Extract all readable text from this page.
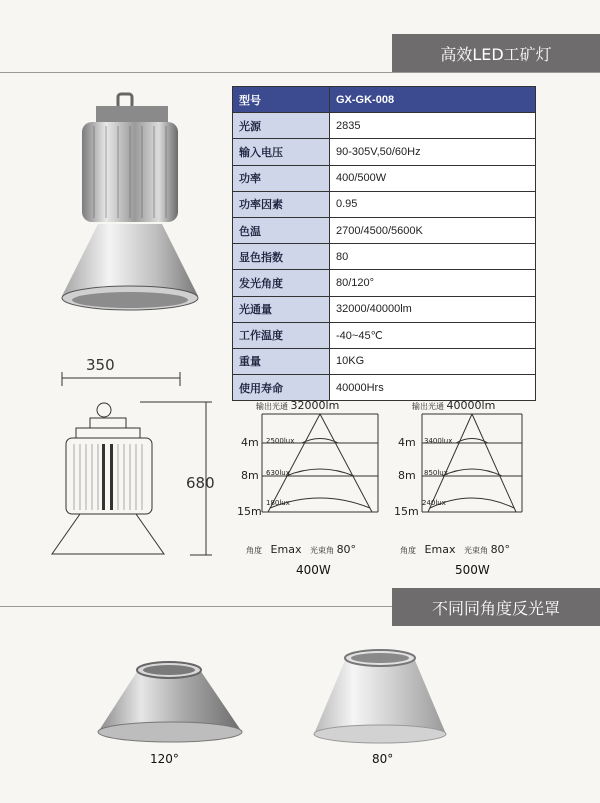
高效LED工矿灯
型号	GX-GK-008
光源	2835
输入电压	90-305V,50/60Hz
功率	400/500W
功率因素	0.95
色温	2700/4500/5600K
显色指数	80
发光角度	80/120°
光通量	32000/40000lm
工作温度	-40~45℃
重量	10KG
使用寿命	40000Hrs
350
680
输出光通 32000lm
4m
8m
15m
2500lux
630lux
180lux
角度 Emax 光束角 80°
400W
输出光通 40000lm
4m
8m
15m
3400lux
850lux
240lux
角度 Emax 光束角 80°
500W
不同同角度反光罩
120°	80°
